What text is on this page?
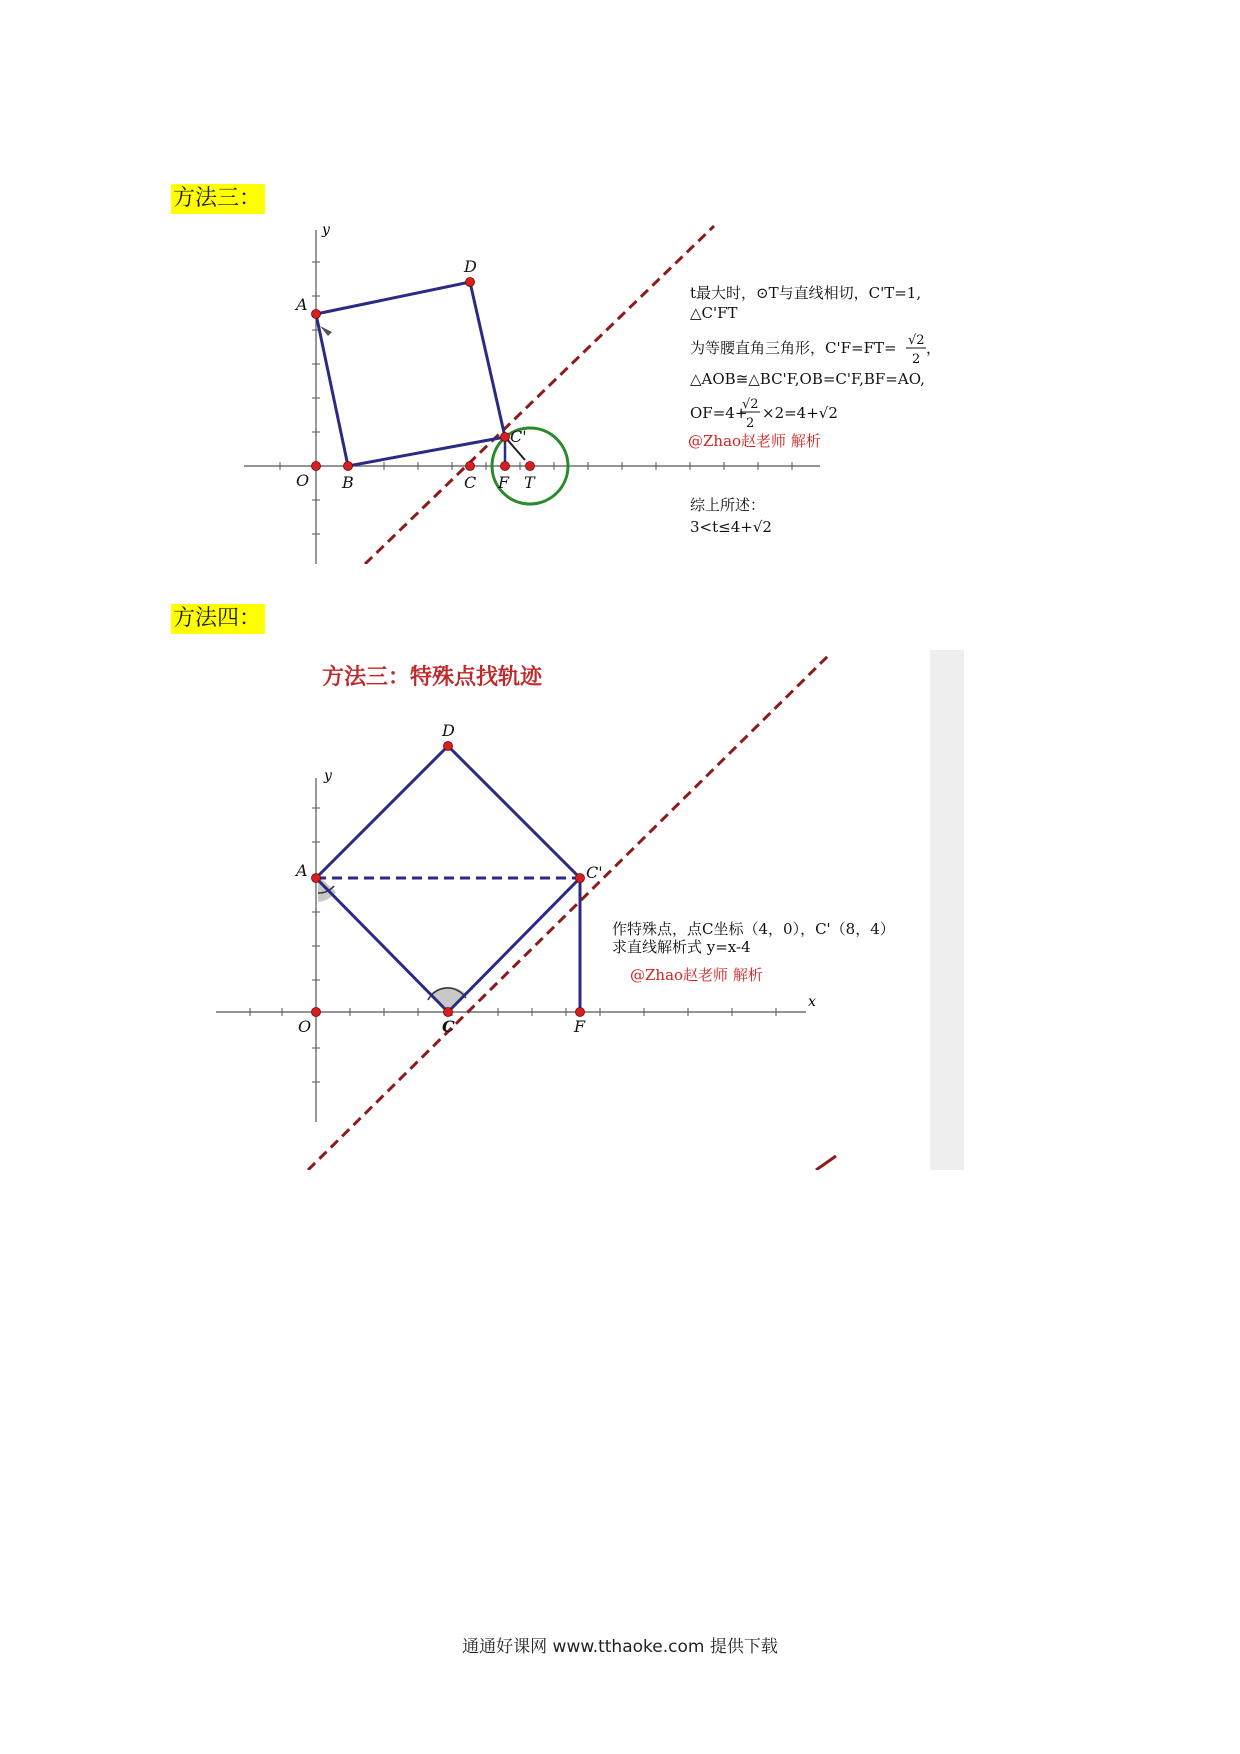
方法三：
y
A
D
O B	C F T
C'
t最大时，⊙T与直线相切，C'T=1,
△C'FT
为等腰直角三角形，C'F=FT= √2
2
，
△AOB≅△BC'F,OB=C'F,BF=AO,
OF=4+
√2
2
×2=4+√2
@Zhao赵老师 解析
综上所述：
3<t≤4+√2
方法四：
方法三：特殊点找轨迹
y
x
A
D
C'
O	C	F
作特殊点，点C坐标（4，0），C'（8，4）
求直线解析式 y=x-4
@Zhao赵老师 解析
通通好课网 www.tthaoke.com 提供下载
